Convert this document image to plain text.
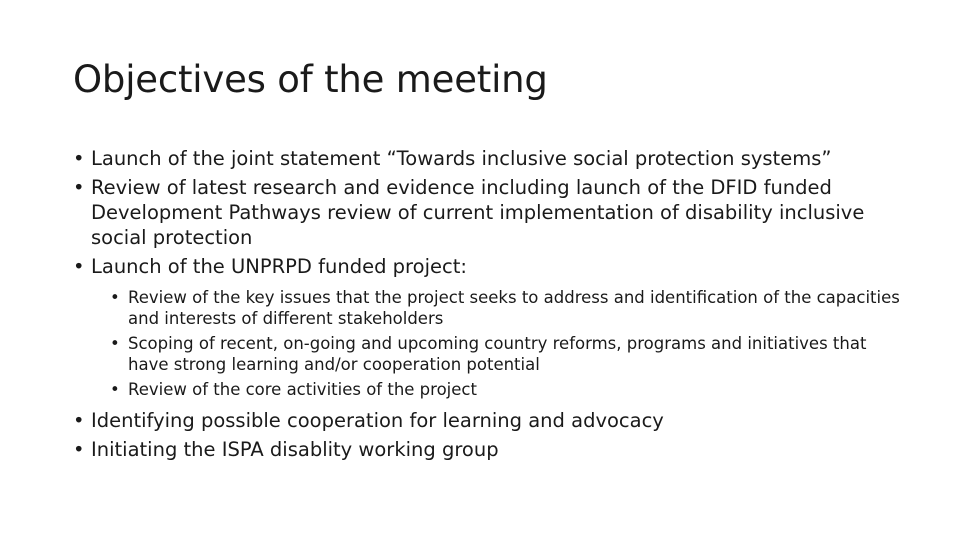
Objectives of the meeting
• Launch of the joint statement “Towards inclusive social protection systems”
• Review of latest research and evidence including launch of the DFID funded Development Pathways review of current implementation of disability inclusive social protection
• Launch of the UNPRPD funded project:
• Review of the key issues that the project seeks to address and identification of the capacities and interests of different stakeholders
• Scoping of recent, on-going and upcoming country reforms, programs and initiatives that have strong learning and/or cooperation potential
• Review of the core activities of the project
• Identifying possible cooperation for learning and advocacy
• Initiating the ISPA disablity working group
